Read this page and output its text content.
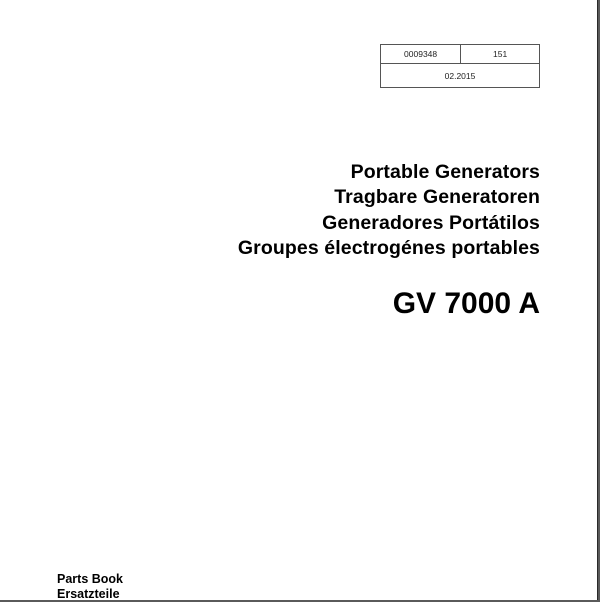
0009348	151
02.2015
Portable Generators
Tragbare Generatoren
Generadores Portátilos
Groupes électrogénes portables
GV 7000 A
Parts Book
Ersatzteile
